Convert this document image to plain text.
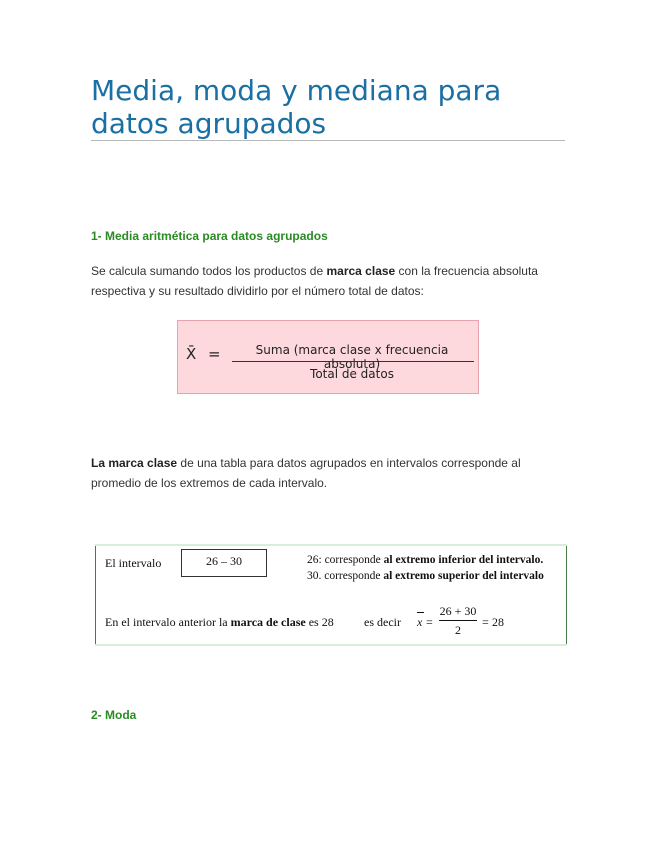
Media, moda y mediana para
datos agrupados
1- Media aritmética para datos agrupados

Se calcula sumando todos los productos de marca clase con la frecuencia absoluta respectiva y su resultado dividirlo por el número total de datos:

X̄ =	Suma (marca clase x frecuencia absoluta)
Total de datos

La marca clase de una tabla para datos agrupados en intervalos corresponde al promedio de los extremos de cada intervalo.

El intervalo	26 – 30	26: corresponde al extremo inferior del intervalo.
30. corresponde al extremo superior del intervalo
En el intervalo anterior la marca de clase es 28	es decir x =
26 + 30
2
= 28
2- Moda
